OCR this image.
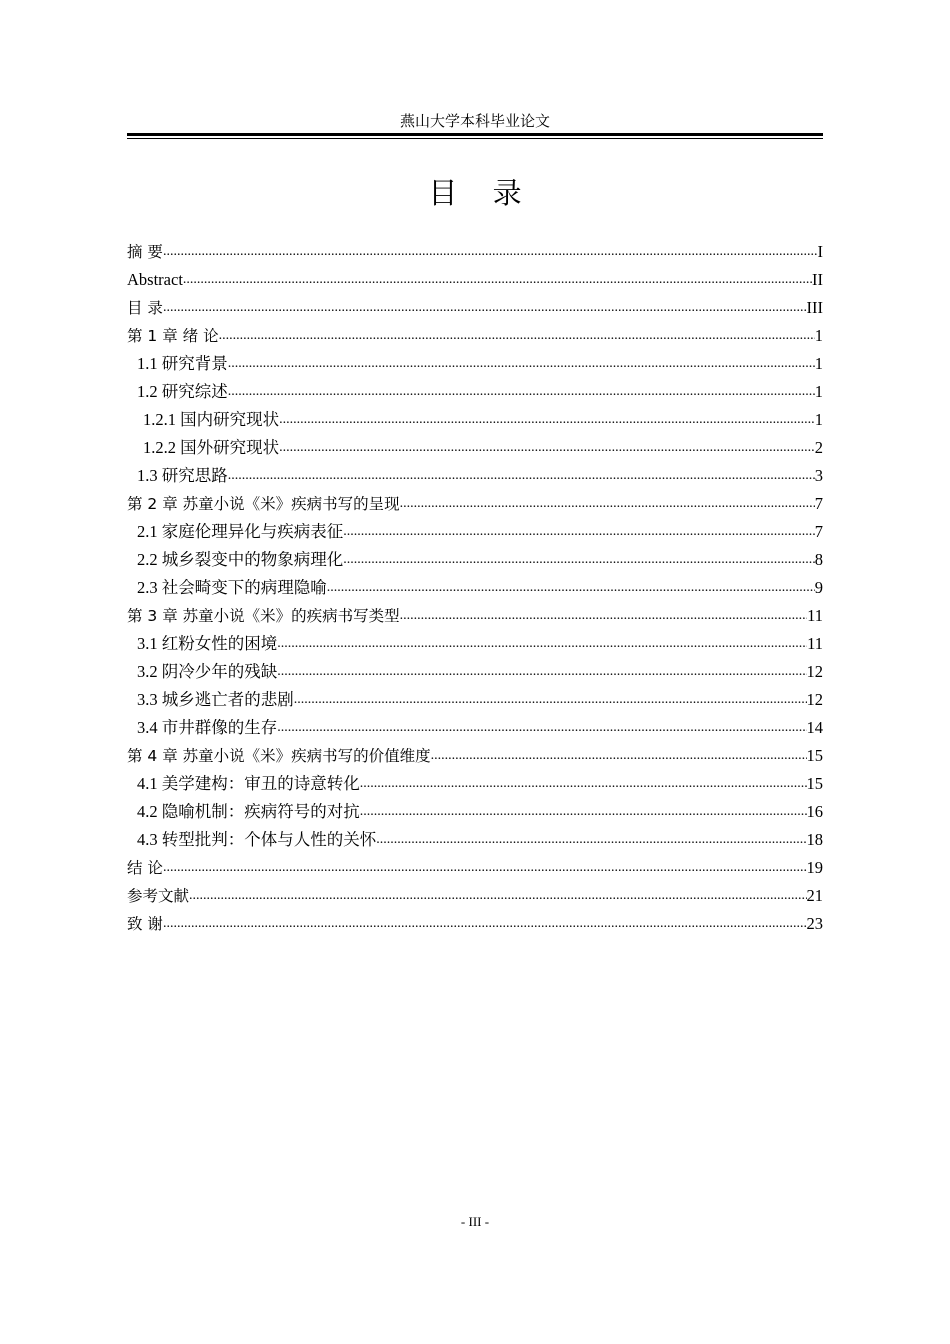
燕山大学本科毕业论文
目 录
摘 要 .....	I
Abstract .....	II
目 录 .....	III
第 1 章 绪 论 .....	1
1.1 研究背景 .....	1
1.2 研究综述 .....	1
1.2.1 国内研究现状 .....	1
1.2.2 国外研究现状 .....	2
1.3 研究思路 .....	3
第 2 章 苏童小说《米》疾病书写的呈现 .....	7
2.1 家庭伦理异化与疾病表征 .....	7
2.2 城乡裂变中的物象病理化 .....	8
2.3 社会畸变下的病理隐喻 .....	9
第 3 章 苏童小说《米》的疾病书写类型 .....	11
3.1 红粉女性的困境 .....	11
3.2 阴冷少年的残缺 .....	12
3.3 城乡逃亡者的悲剧 .....	12
3.4 市井群像的生存 .....	14
第 4 章 苏童小说《米》疾病书写的价值维度 .....	15
4.1 美学建构：审丑的诗意转化 .....	15
4.2 隐喻机制：疾病符号的对抗 .....	16
4.3 转型批判：个体与人性的关怀 .....	18
结 论 .....	19
参考文献 .....	21
致 谢 .....	23
- III -
